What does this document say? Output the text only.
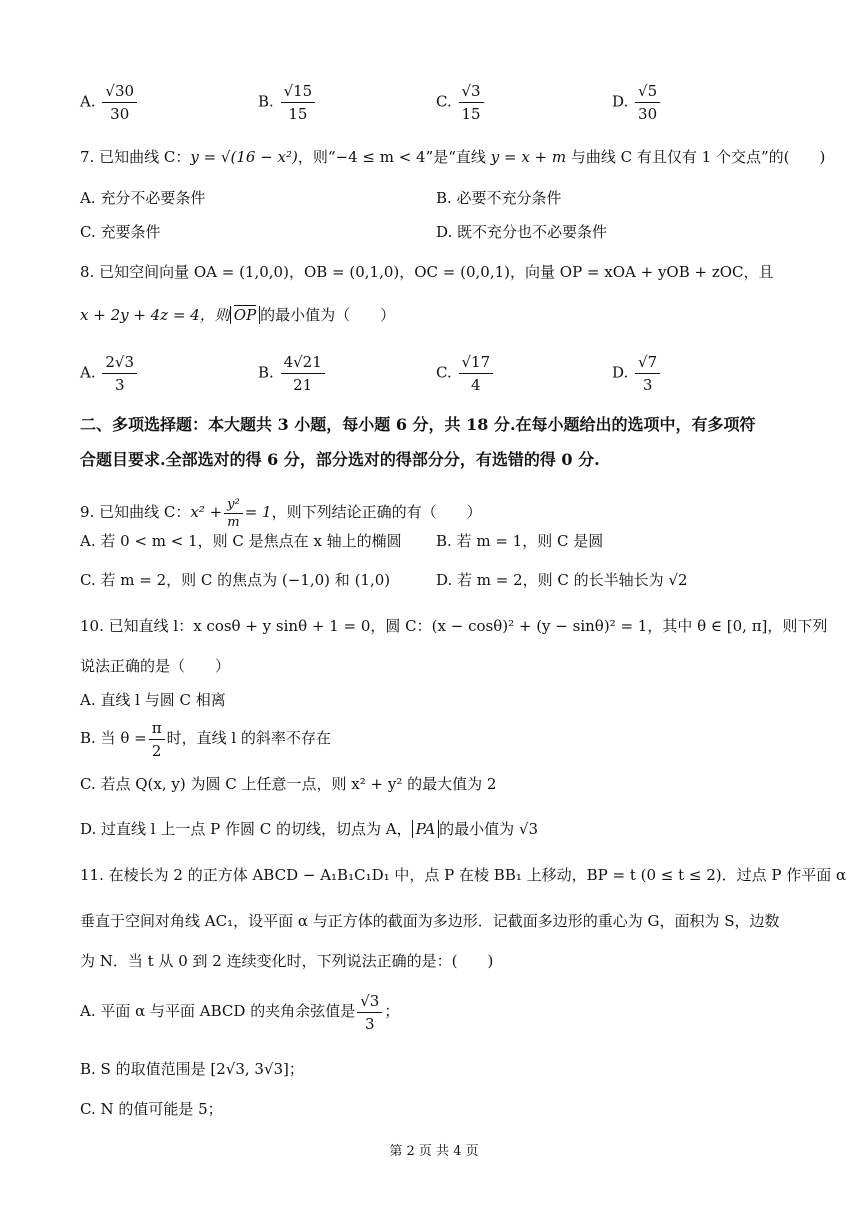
A. $\frac{√30}{30}$	B. $\frac{√15}{15}$	C. $\frac{√3}{15}$	D. $\frac{√5}{30}$
7. 已知曲线 C：y = √(16 − x²)，则“−4 ≤ m < 4”是“直线 y = x + m 与曲线 C 有且仅有 1 个交点”的(　　)
A. 充分不必要条件	B. 必要不充分条件
C. 充要条件	D. 既不充分也不必要条件
8. 已知空间向量 OA = (1,0,0)，OB = (0,1,0)，OC = (0,0,1)，向量 OP = xOA + yOB + zOC，且
x + 2y + 4z = 4，则 OP 的最小值为（　　）
A. $\frac{2√3}{3}$	B. $\frac{4√21}{21}$	C. $\frac{√17}{4}$	D. $\frac{√7}{3}$
二、多项选择题：本大题共 3 小题，每小题 6 分，共 18 分.在每小题给出的选项中，有多项符
合题目要求.全部选对的得 6 分，部分选对的得部分分，有选错的得 0 分.
9. 已知曲线 C：$x^2 + \frac{\text{y²}}{m} = 1$，则下列结论正确的有（　　）
A. 若 0 < m < 1，则 C 是焦点在 x 轴上的椭圆 B. 若 m = 1，则 C 是圆
C. 若 m = 2，则 C 的焦点为 (−1,0) 和 (1,0)	D. 若 m = 2，则 C 的长半轴长为 √2
10. 已知直线 l：x cosθ + y sinθ + 1 = 0，圆 C：(x − cosθ)² + (y − sinθ)² = 1，其中 θ ∈ [0, π]，则下列
说法正确的是（　　）
A. 直线 l 与圆 C 相离
B. 当 $\theta = \frac{\pi}{2}$ 时，直线 l 的斜率不存在
C. 若点 Q(x, y) 为圆 C 上任意一点，则 x² + y² 的最大值为 2
D. 过直线 l 上一点 P 作圆 C 的切线，切点为 A， PA 的最小值为 √3
11. 在棱长为 2 的正方体 ABCD − A₁B₁C₁D₁ 中，点 P 在棱 BB₁ 上移动，BP = t (0 ≤ t ≤ 2)．过点 P 作平面 α
垂直于空间对角线 AC₁，设平面 α 与正方体的截面为多边形．记截面多边形的重心为 G，面积为 S，边数
为 N．当 t 从 0 到 2 连续变化时，下列说法正确的是：(　　)
A. 平面 α 与平面 ABCD 的夹角余弦值是 $\frac{√3}{3}$ ；
B. S 的取值范围是 [2√3, 3√3]；
C. N 的值可能是 5；
第 2 页 共 4 页
